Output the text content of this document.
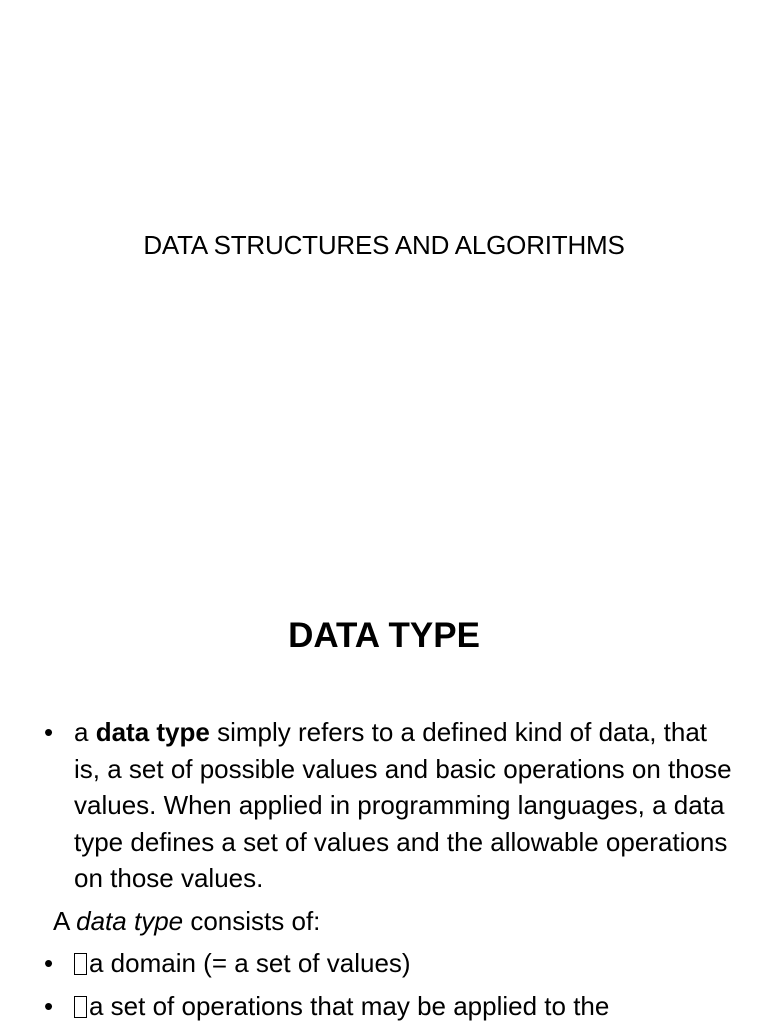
DATA STRUCTURES AND ALGORITHMS
DATA TYPE
• a data type simply refers to a defined kind of data, that is, a set of possible values and basic operations on those values. When applied in programming languages, a data type defines a set of values and the allowable operations on those values.
A data type consists of:
•	a domain (= a set of values)
•	a set of operations that may be applied to the
